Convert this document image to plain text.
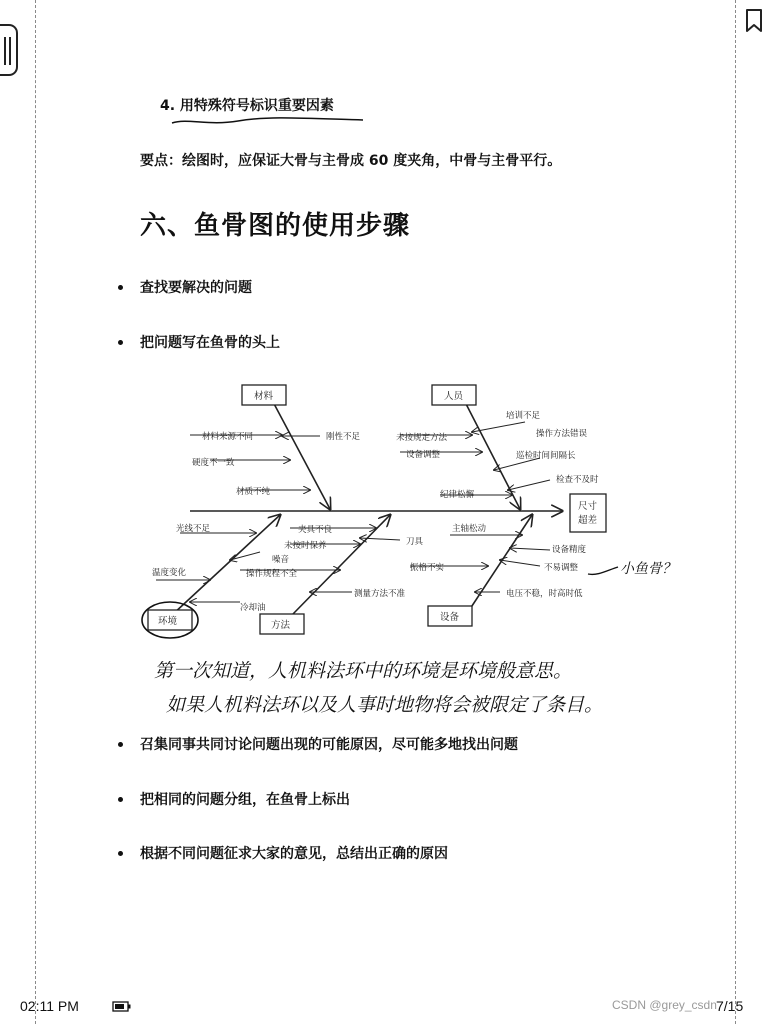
4. 用特殊符号标识重要因素
要点：绘图时，应保证大骨与主骨成 60 度夹角，中骨与主骨平行。
六、鱼骨图的使用步骤
查找要解决的问题
把问题写在鱼骨的头上
材料	人员
环境	方法
设备
尺寸
超差
材料来源不同	刚性不足
硬度不一致
材质不纯
培训不足
操作方法错误
未按规定方法
设备调整	巡检时间间隔长
检查不及时
纪律松懈
光线不足
噪音
温度变化
冷却油
夹具不良
未按时保养	刀具
操作规程不全
测量方法不准
主轴松动
设备精度
振格不实	不易调整
电压不稳，时高时低
小鱼骨？
第一次知道，人机料法环中的环境是环境般意思。
如果人机料法环以及人事时地物将会被限定了条目。
召集同事共同讨论问题出现的可能原因，尽可能多地找出问题
把相同的问题分组，在鱼骨上标出
根据不同问题征求大家的意见，总结出正确的原因
02:11 PM	CSDN @grey_csdn 7/15
